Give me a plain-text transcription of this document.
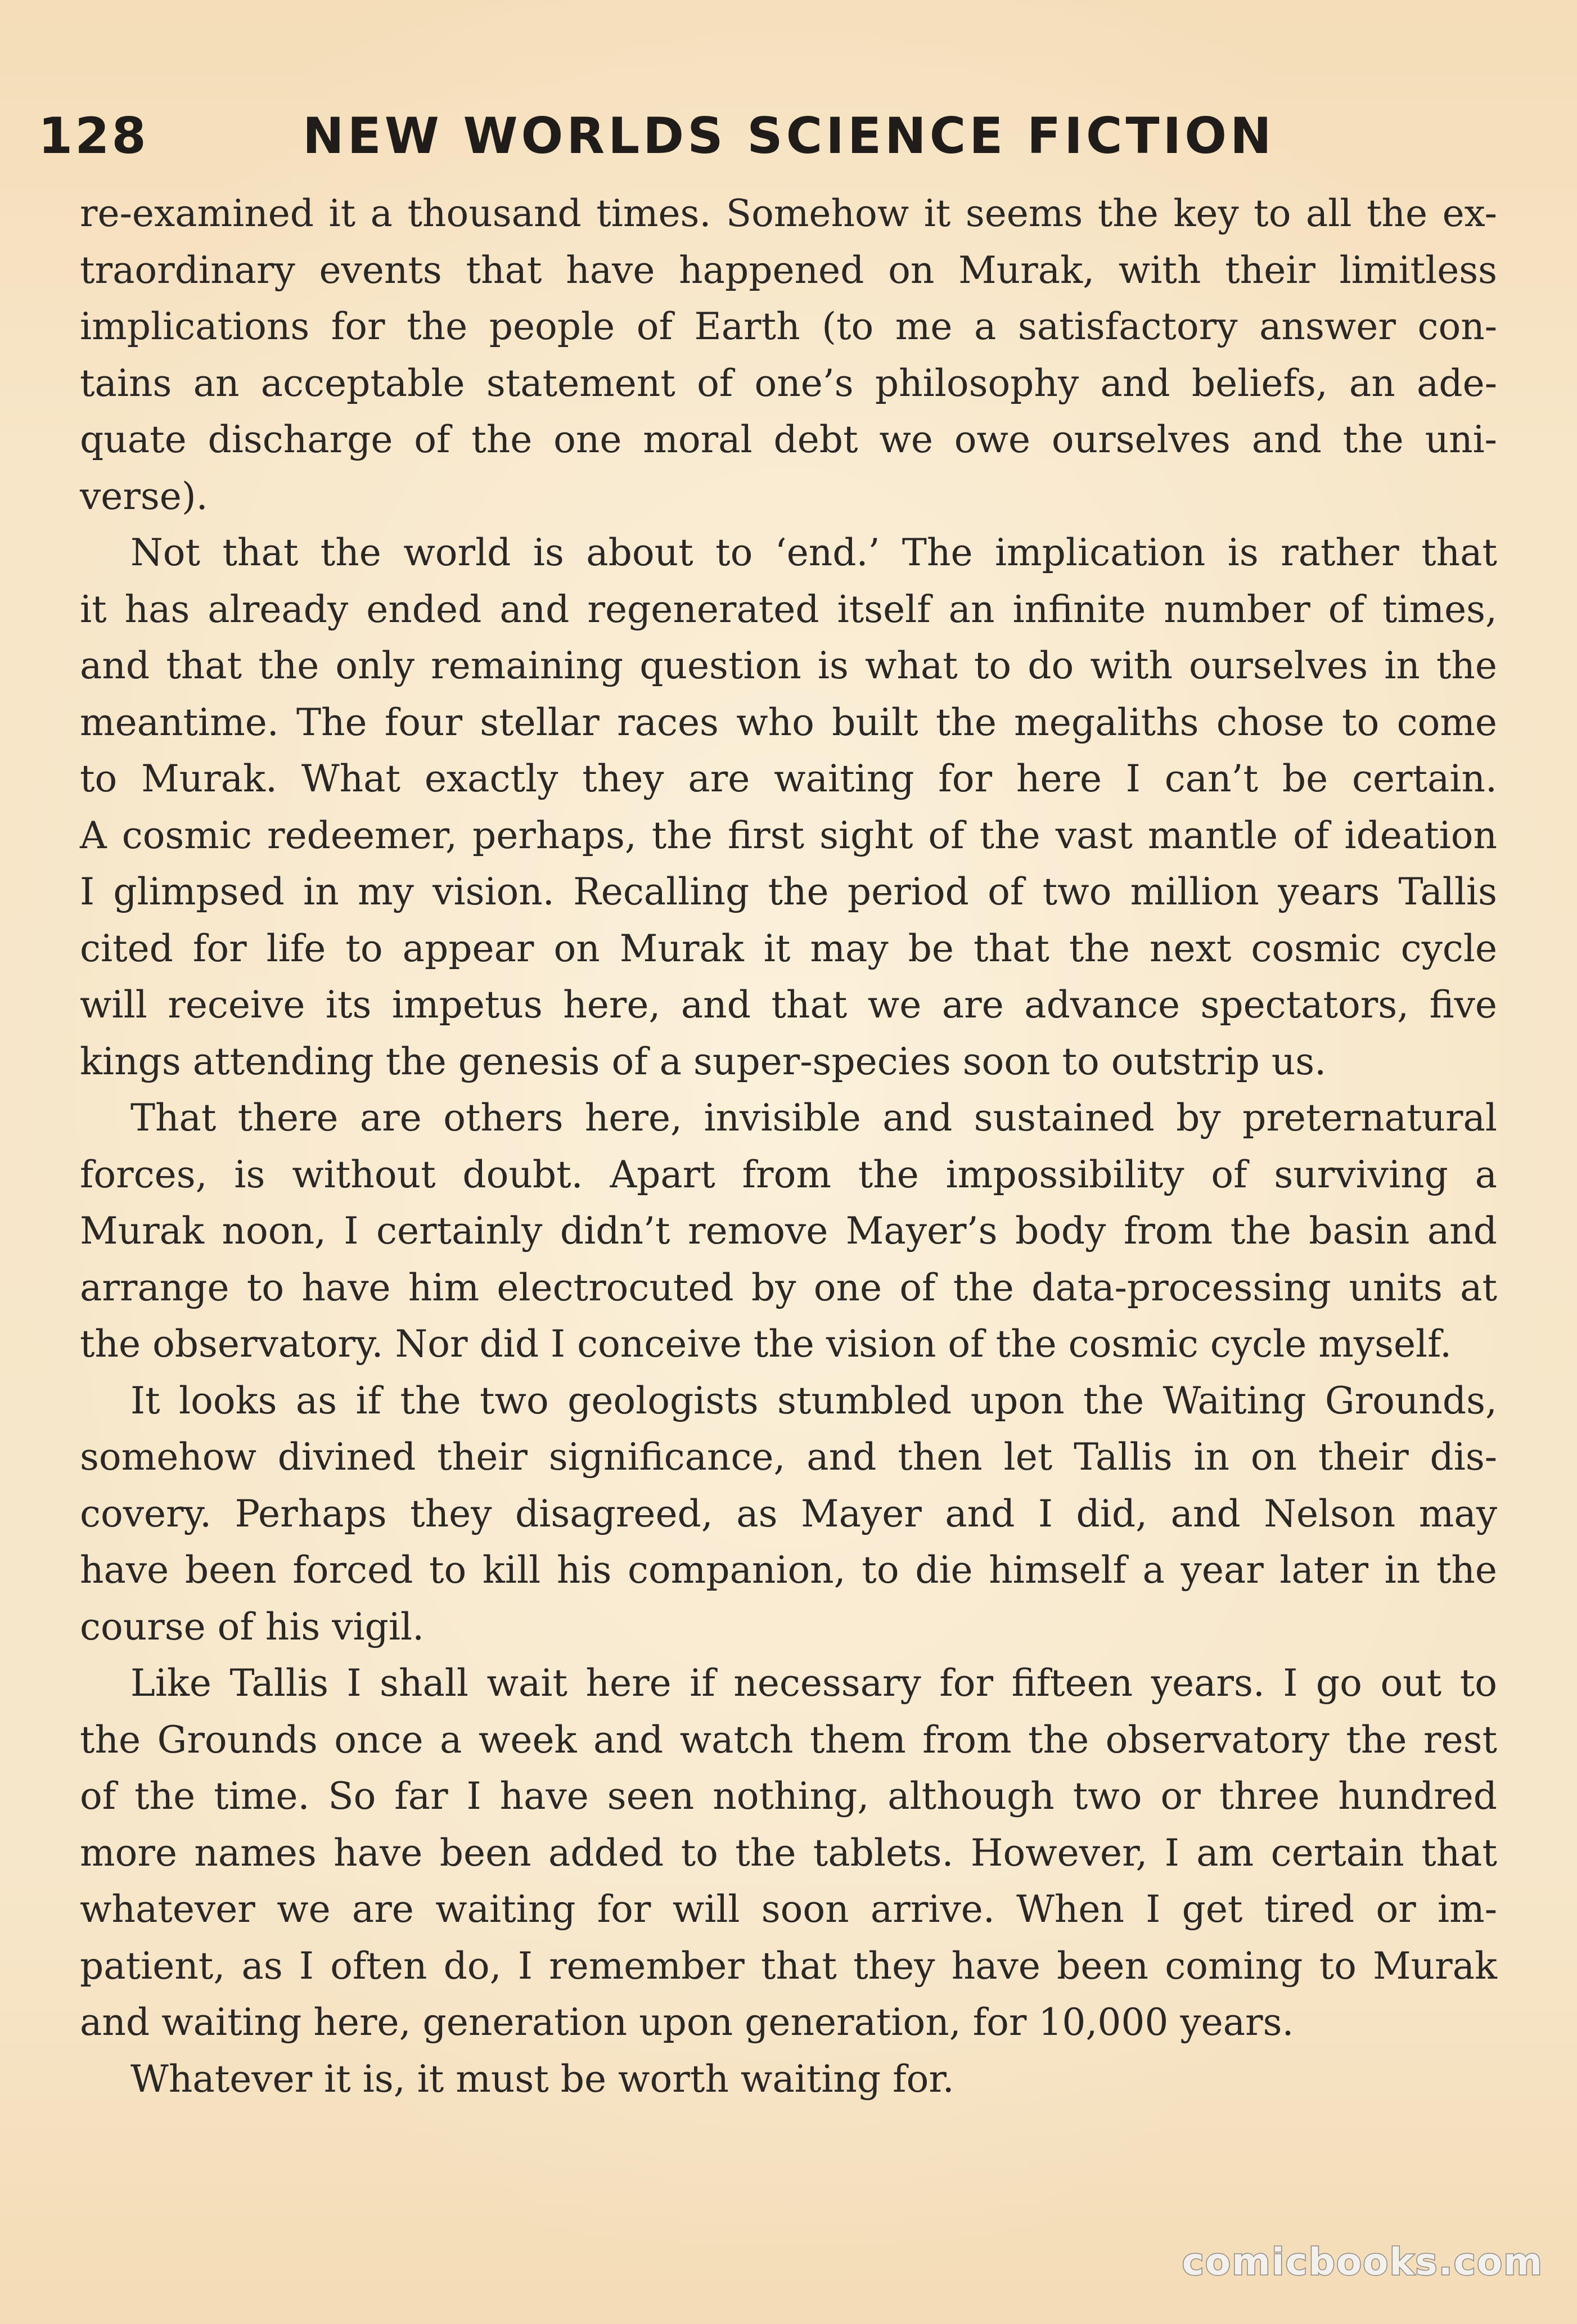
128	NEW WORLDS SCIENCE FICTION
re-examined it a thousand times. Somehow it seems the key to all the ex-
traordinary events that have happened on Murak, with their limitless
implications for the people of Earth (to me a satisfactory answer con-
tains an acceptable statement of one’s philosophy and beliefs, an ade-
quate discharge of the one moral debt we owe ourselves and the uni-
verse).
Not that the world is about to ‘end.’ The implication is rather that
it has already ended and regenerated itself an infinite number of times,
and that the only remaining question is what to do with ourselves in the
meantime. The four stellar races who built the megaliths chose to come
to Murak. What exactly they are waiting for here I can’t be certain.
A cosmic redeemer, perhaps, the first sight of the vast mantle of ideation
I glimpsed in my vision. Recalling the period of two million years Tallis
cited for life to appear on Murak it may be that the next cosmic cycle
will receive its impetus here, and that we are advance spectators, five
kings attending the genesis of a super-species soon to outstrip us.
That there are others here, invisible and sustained by preternatural
forces, is without doubt. Apart from the impossibility of surviving a
Murak noon, I certainly didn’t remove Mayer’s body from the basin and
arrange to have him electrocuted by one of the data-processing units at
the observatory. Nor did I conceive the vision of the cosmic cycle myself.
It looks as if the two geologists stumbled upon the Waiting Grounds,
somehow divined their significance, and then let Tallis in on their dis-
covery. Perhaps they disagreed, as Mayer and I did, and Nelson may
have been forced to kill his companion, to die himself a year later in the
course of his vigil.
Like Tallis I shall wait here if necessary for fifteen years. I go out to
the Grounds once a week and watch them from the observatory the rest
of the time. So far I have seen nothing, although two or three hundred
more names have been added to the tablets. However, I am certain that
whatever we are waiting for will soon arrive. When I get tired or im-
patient, as I often do, I remember that they have been coming to Murak
and waiting here, generation upon generation, for 10,000 years.
Whatever it is, it must be worth waiting for.
comicbooks.com
